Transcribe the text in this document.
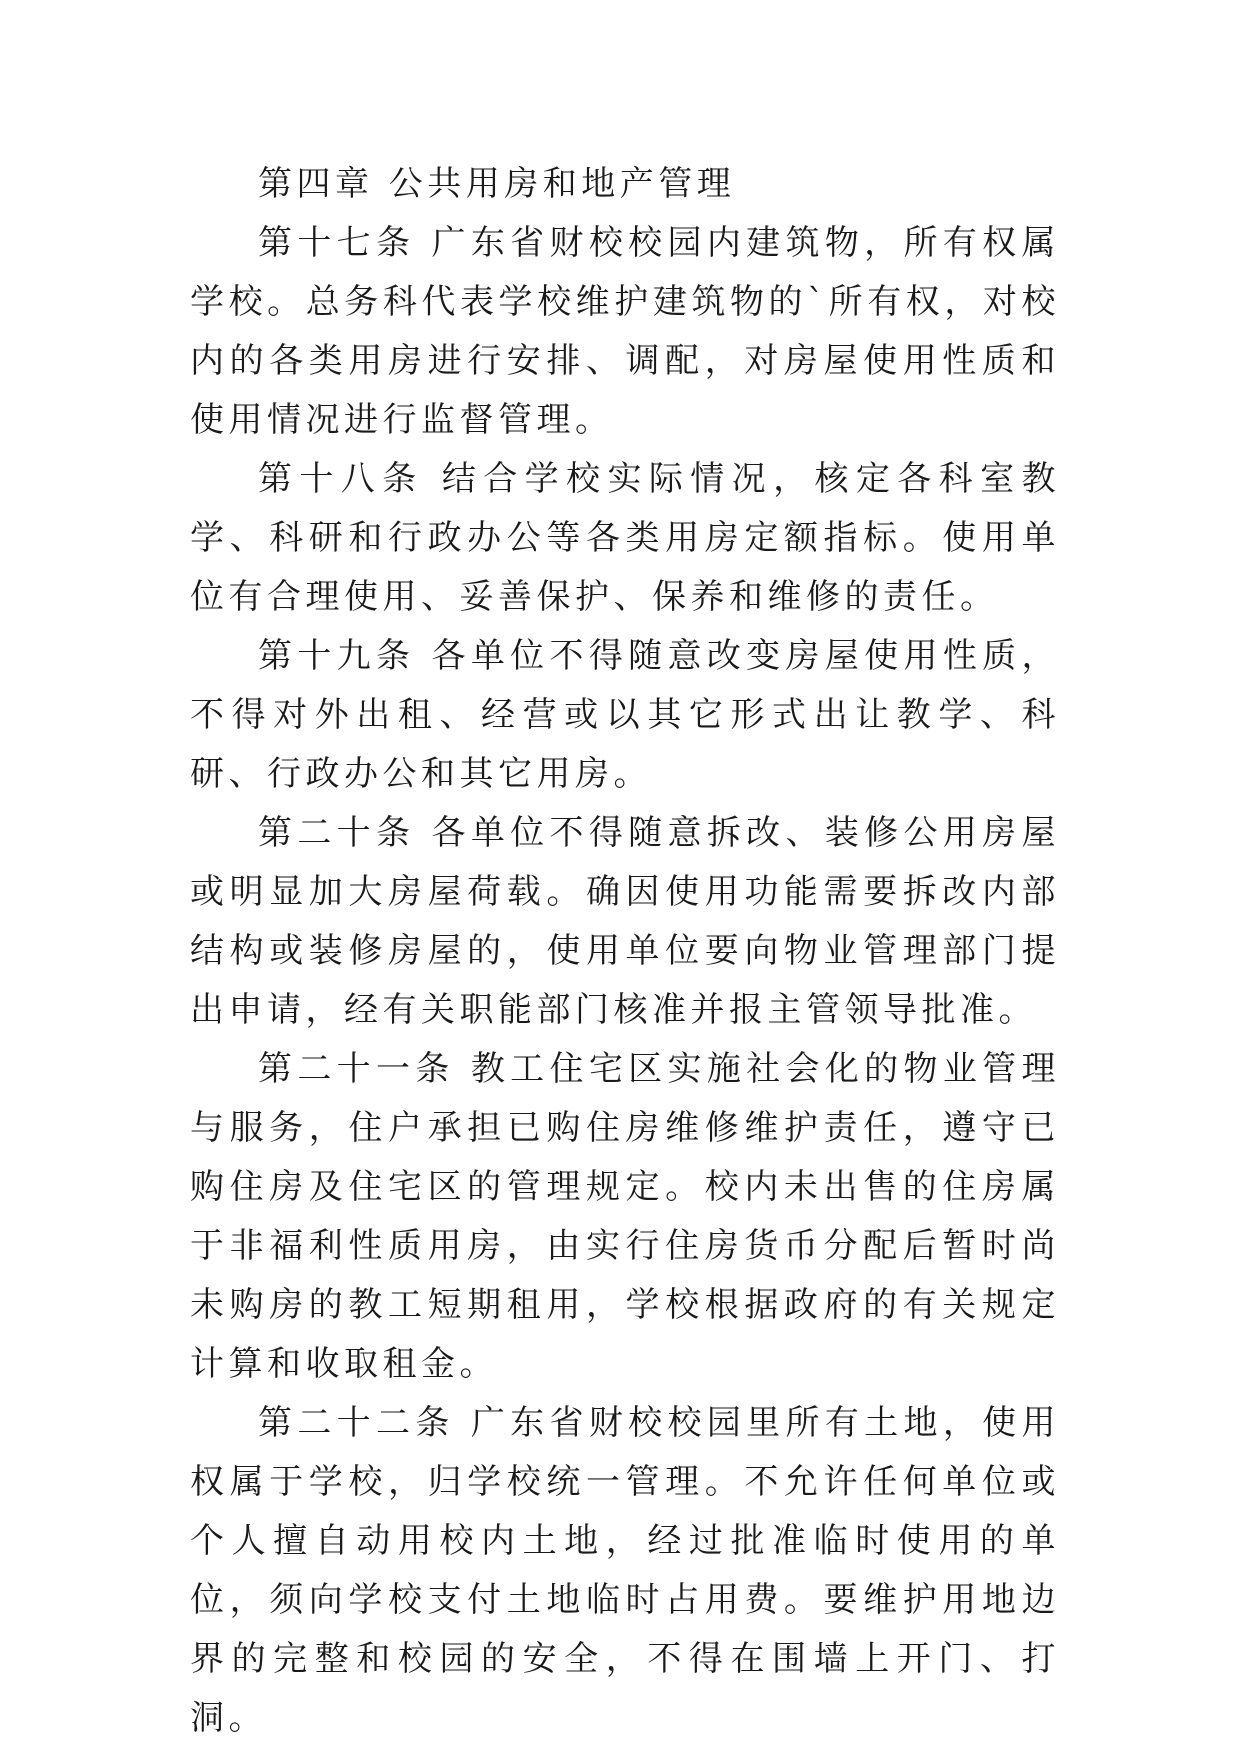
第四章 公共用房和地产管理

第十七条 广东省财校校园内建筑物，所有权属学校。总务科代表学校维护建筑物的`所有权，对校内的各类用房进行安排、调配，对房屋使用性质和使用情况进行监督管理。

第十八条 结合学校实际情况，核定各科室教学、科研和行政办公等各类用房定额指标。使用单位有合理使用、妥善保护、保养和维修的责任。

第十九条 各单位不得随意改变房屋使用性质，不得对外出租、经营或以其它形式出让教学、科研、行政办公和其它用房。

第二十条 各单位不得随意拆改、装修公用房屋或明显加大房屋荷载。确因使用功能需要拆改内部结构或装修房屋的，使用单位要向物业管理部门提出申请，经有关职能部门核准并报主管领导批准。

第二十一条 教工住宅区实施社会化的物业管理与服务，住户承担已购住房维修维护责任，遵守已购住房及住宅区的管理规定。校内未出售的住房属于非福利性质用房，由实行住房货币分配后暂时尚未购房的教工短期租用，学校根据政府的有关规定计算和收取租金。

第二十二条 广东省财校校园里所有土地，使用权属于学校，归学校统一管理。不允许任何单位或个人擅自动用校内土地，经过批准临时使用的单位，须向学校支付土地临时占用费。要维护用地边界的完整和校园的安全，不得在围墙上开门、打洞。
